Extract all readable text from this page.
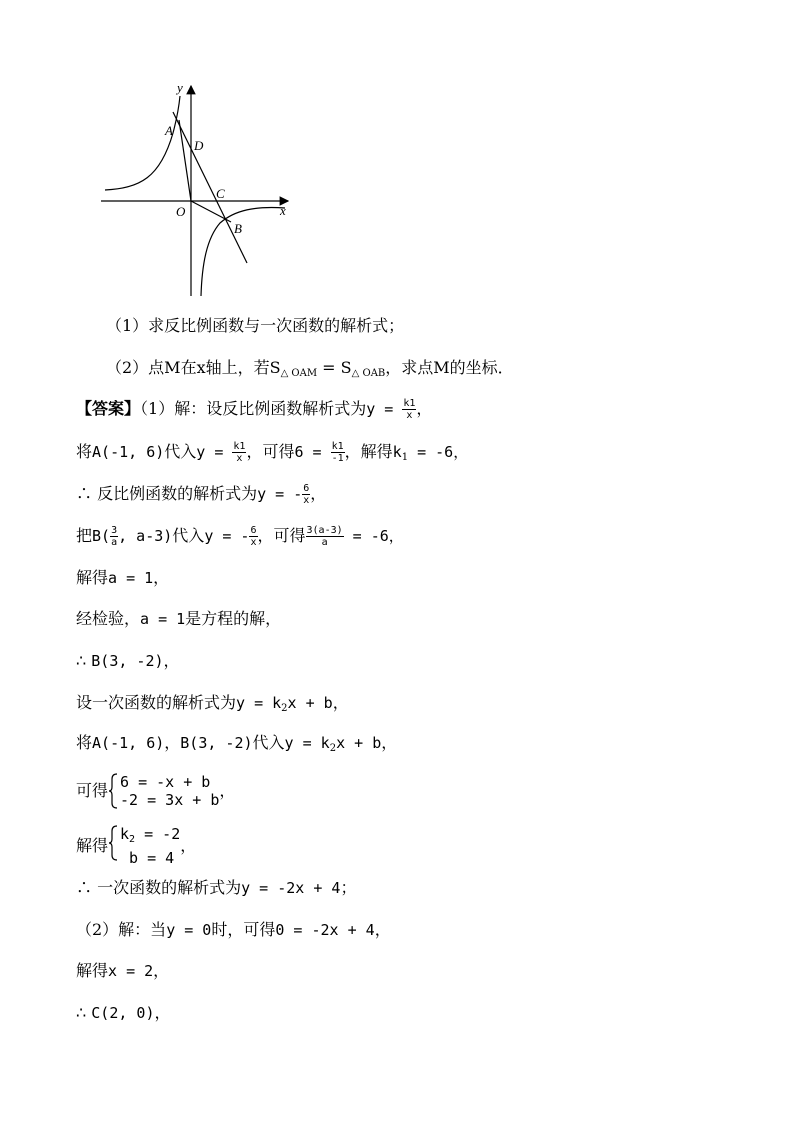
y
x
A
D
C
O
B
（1）求反比例函数与一次函数的解析式；
（2）点M在x轴上，若$S_{\triangle OAM} = S_{\triangle OAB}$，求点M的坐标．
【答案】（1）解：设反比例函数解析式为$y = \frac{k1}{x}$ ，
将A(-1, 6)代入$y = \frac{k1}{x}$ ，可得$6 = \frac{k1}{-1}$ ，解得$k_1 = -6$，
∴ 反比例函数的解析式为y = - $\frac{6}{x}$ ，
把$B( \frac{3}{a}$ , a-3)代入y = - $\frac{6}{x}$ ，可得 $\frac{3(a-3)}{a} = -6$，
解得a = 1，
经检验，a = 1是方程的解，
∴ B(3, -2)，
设一次函数的解析式为$y = k_2x + b$，
将A(-1, 6)，B(3, -2)代入$y = k_2x + b$，
可得 6 = -x + b
-2 = 3x + b ，
解得
$k_2 = -2$
b = 4
，
∴ 一次函数的解析式为y = -2x + 4；
（2）解：当y = 0时，可得0 = -2x + 4，
解得x = 2，
∴ C(2, 0)，
